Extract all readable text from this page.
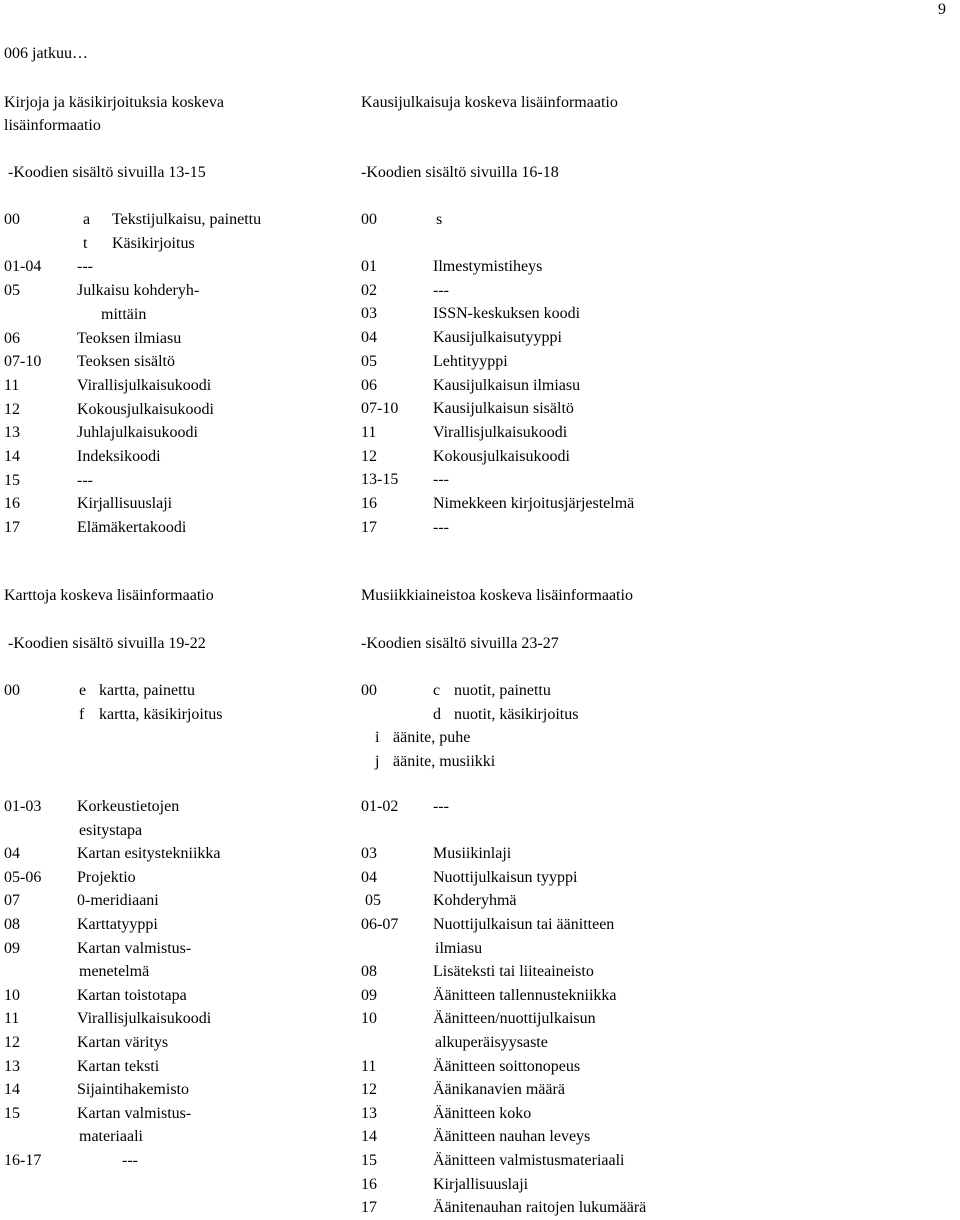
9
006 jatkuu…
Kirjoja ja käsikirjoituksia koskeva
lisäinformaatio
-Koodien sisältö sivuilla 13-15
00	a Tekstijulkaisu, painettu
t Käsikirjoitus
01-04 ---
05	Julkaisu kohderyh-
mittäin
06	Teoksen ilmiasu
07-10 Teoksen sisältö
11	Virallisjulkaisukoodi
12	Kokousjulkaisukoodi
13	Juhlajulkaisukoodi
14	Indeksikoodi
15	---
16	Kirjallisuuslaji
17	Elämäkertakoodi
Kausijulkaisuja koskeva lisäinformaatio
-Koodien sisältö sivuilla 16-18
00	s
01	Ilmestymistiheys
02	---
03	ISSN-keskuksen koodi
04	Kausijulkaisutyyppi
05	Lehtityyppi
06	Kausijulkaisun ilmiasu
07-10 Kausijulkaisun sisältö
11	Virallisjulkaisukoodi
12	Kokousjulkaisukoodi
13-15 ---
16	Nimekkeen kirjoitusjärjestelmä
17	---
Karttoja koskeva lisäinformaatio
-Koodien sisältö sivuilla 19-22
00	e kartta, painettu
f kartta, käsikirjoitus
01-03 Korkeustietojen
esitystapa
04	Kartan esitystekniikka
05-06 Projektio
07	0-meridiaani
08	Karttatyyppi
09	Kartan valmistus-
menetelmä
10	Kartan toistotapa
11	Virallisjulkaisukoodi
12	Kartan väritys
13	Kartan teksti
14	Sijaintihakemisto
15	Kartan valmistus-
materiaali
16-17	---
Musiikkiaineistoa koskeva lisäinformaatio
-Koodien sisältö sivuilla 23-27
00	c nuotit, painettu
d nuotit, käsikirjoitus
i äänite, puhe
j äänite, musiikki
01-02 ---
03	Musiikinlaji
04	Nuottijulkaisun tyyppi
05	Kohderyhmä
06-07 Nuottijulkaisun tai äänitteen
ilmiasu
08	Lisäteksti tai liiteaineisto
09	Äänitteen tallennustekniikka
10	Äänitteen/nuottijulkaisun
alkuperäisyysaste
11	Äänitteen soittonopeus
12	Äänikanavien määrä
13	Äänitteen koko
14	Äänitteen nauhan leveys
15	Äänitteen valmistusmateriaali
16	Kirjallisuuslaji
17	Äänitenauhan raitojen lukumäärä
